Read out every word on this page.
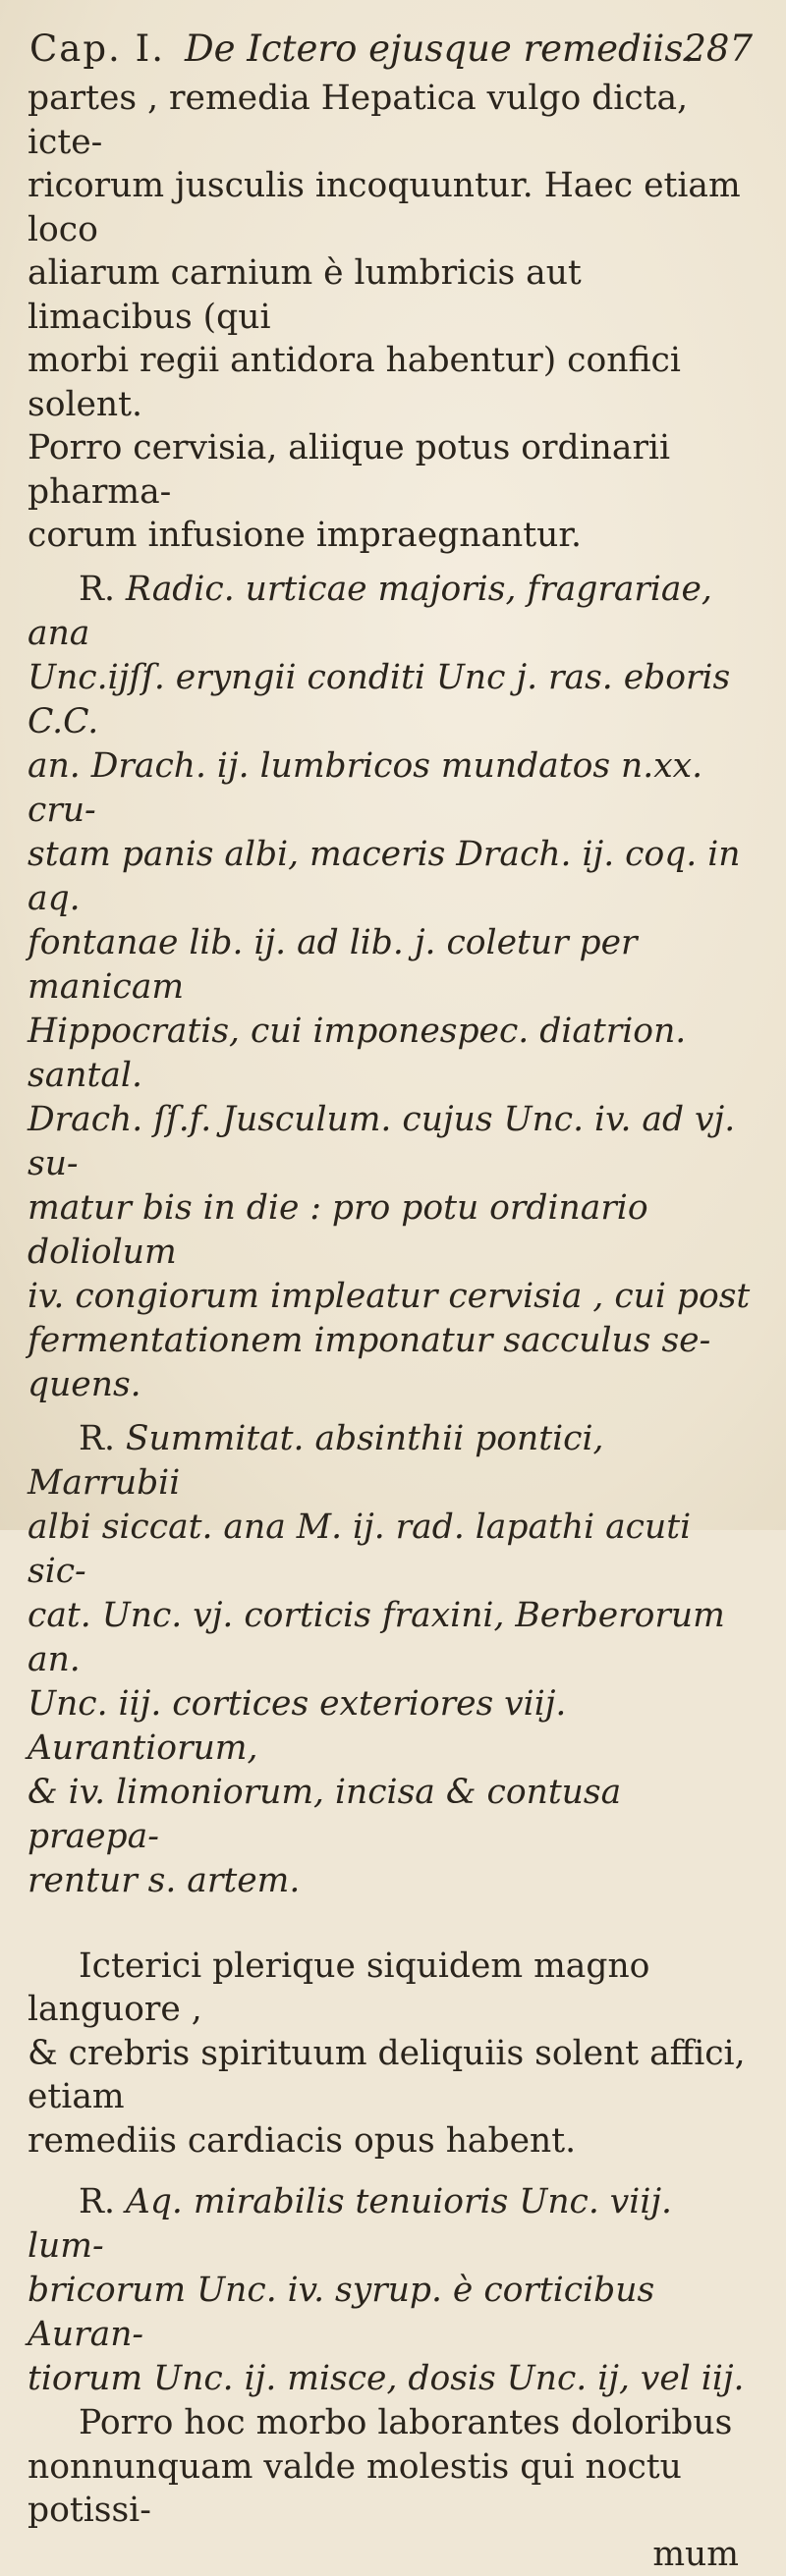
Cap. I. De Ictero ejusque remediis.
287

partes , remedia Hepatica vulgo dicta, icte-
ricorum jusculis incoquuntur. Haec etiam loco
aliarum carnium è lumbricis aut limacibus (qui
morbi regii antidora habentur) confici solent.
Porro cervisia, aliique potus ordinarii pharma-
corum infusione impraegnantur.

R. Radic. urticae majoris, fragrariae, ana
Unc.ijſſ. eryngii conditi Unc j. ras. eboris C.C.
an. Drach. ij. lumbricos mundatos n.xx. cru-
stam panis albi, maceris Drach. ij. coq. in aq.
fontanae lib. ij. ad lib. j. coletur per manicam
Hippocratis, cui imponespec. diatrion. santal.
Drach. ſſ.f. Jusculum. cujus Unc. iv. ad vj. su-
matur bis in die : pro potu ordinario doliolum
iv. congiorum impleatur cervisia , cui post
fermentationem imponatur sacculus se-
quens.

R. Summitat. absinthii pontici, Marrubii
albi siccat. ana M. ij. rad. lapathi acuti sic-
cat. Unc. vj. corticis fraxini, Berberorum an.
Unc. iij. cortices exteriores viij. Aurantiorum,
& iv. limoniorum, incisa & contusa praepa-
rentur s. artem.

Icterici plerique siquidem magno languore ,
& crebris spirituum deliquiis solent affici, etiam
remediis cardiacis opus habent.

R. Aq. mirabilis tenuioris Unc. viij. lum-
bricorum Unc. iv. syrup. è corticibus Auran-
tiorum Unc. ij. misce, dosis Unc. ij, vel iij.

Porro hoc morbo laborantes doloribus
nonnunquam valde molestis qui noctu potissi-

mum
